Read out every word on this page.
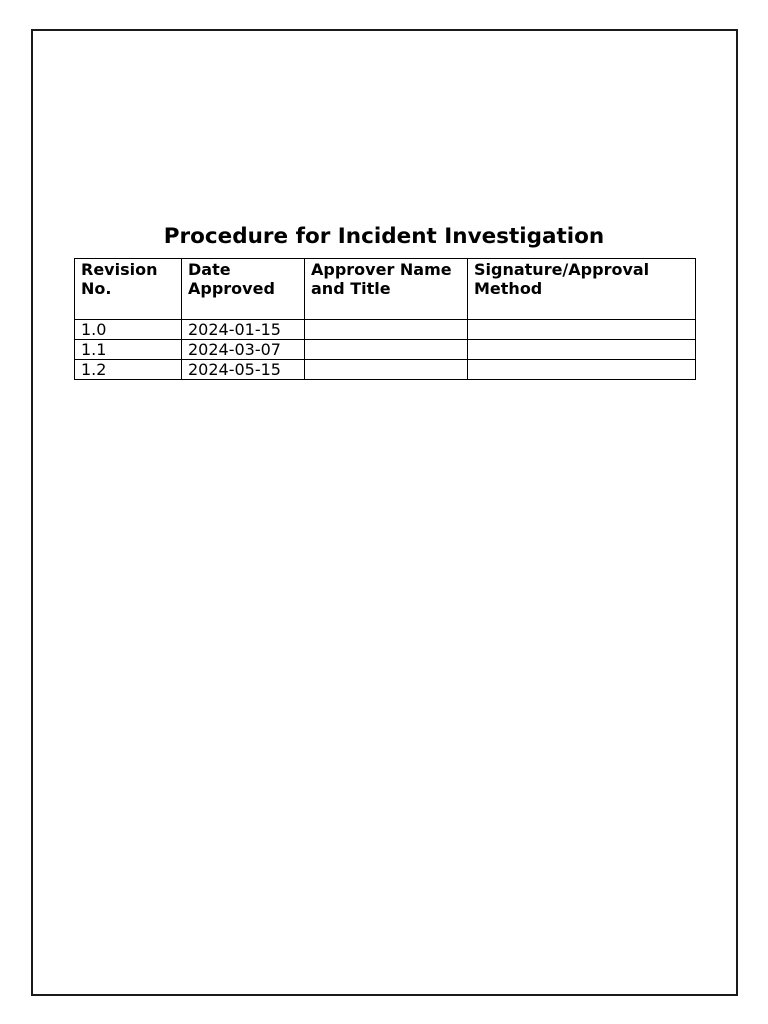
Procedure for Incident Investigation
Revision No.	Date Approved	Approver Name and Title	Signature/Approval Method
1.0	2024-01-15		
1.1	2024-03-07		
1.2	2024-05-15		
